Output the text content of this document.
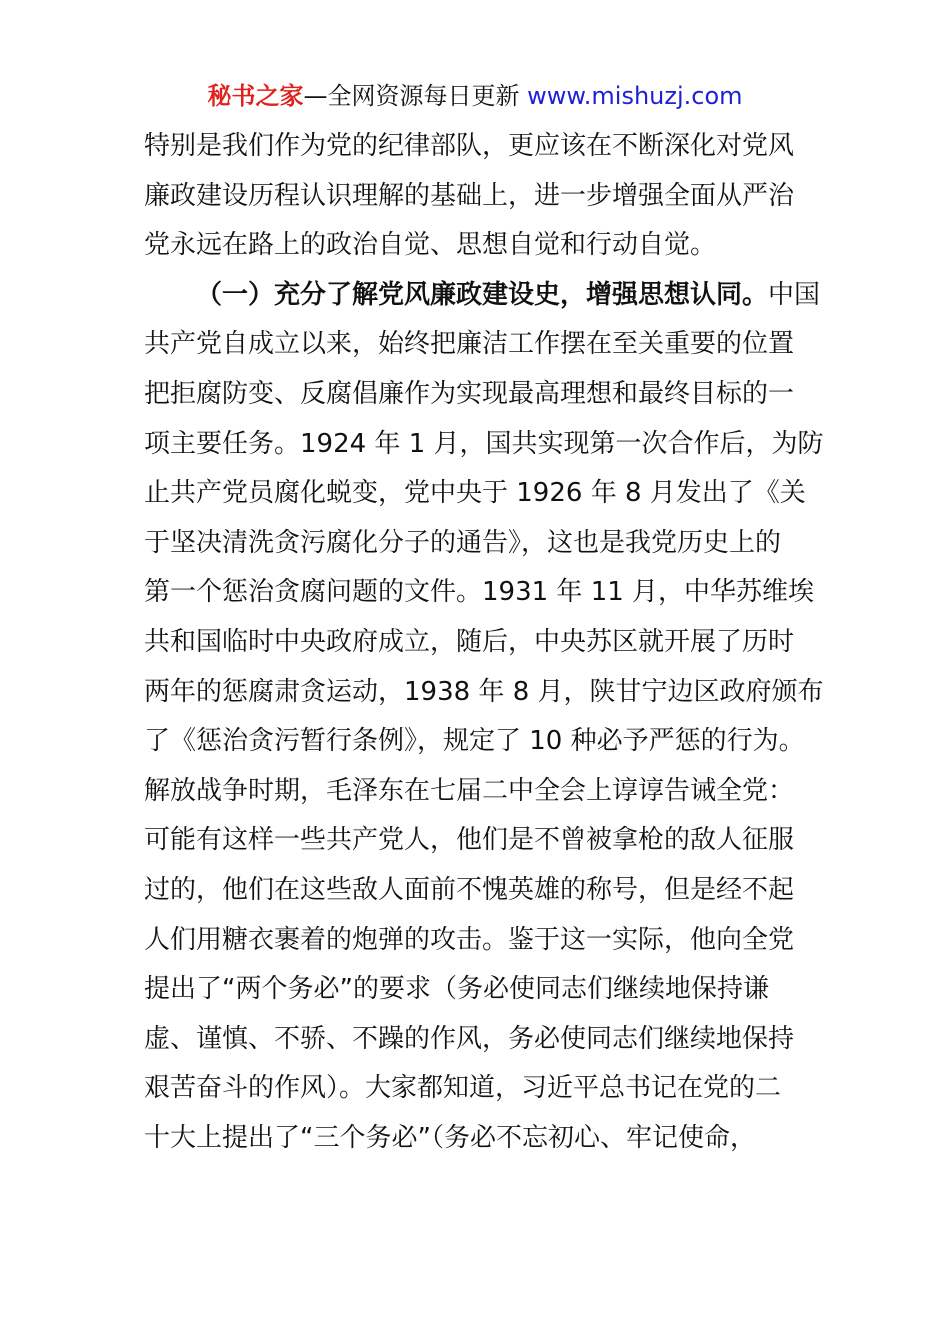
秘书之家—全网资源每日更新 www.mishuzj.com
特别是我们作为党的纪律部队，更应该在不断深化对党风
廉政建设历程认识理解的基础上，进一步增强全面从严治
党永远在路上的政治自觉、思想自觉和行动自觉。
（一）充分了解党风廉政建设史，增强思想认同。中国
共产党自成立以来，始终把廉洁工作摆在至关重要的位置
把拒腐防变、反腐倡廉作为实现最高理想和最终目标的一
项主要任务。1924 年 1 月，国共实现第一次合作后，为防
止共产党员腐化蜕变，党中央于 1926 年 8 月发出了《关
于坚决清洗贪污腐化分子的通告》，这也是我党历史上的
第一个惩治贪腐问题的文件。1931 年 11 月，中华苏维埃
共和国临时中央政府成立，随后，中央苏区就开展了历时
两年的惩腐肃贪运动，1938 年 8 月，陕甘宁边区政府颁布
了《惩治贪污暂行条例》，规定了 10 种必予严惩的行为。
解放战争时期，毛泽东在七届二中全会上谆谆告诫全党：
可能有这样一些共产党人，他们是不曾被拿枪的敌人征服
过的，他们在这些敌人面前不愧英雄的称号，但是经不起
人们用糖衣裹着的炮弹的攻击。鉴于这一实际，他向全党
提出了“两个务必”的要求（务必使同志们继续地保持谦
虚、谨慎、不骄、不躁的作风，务必使同志们继续地保持
艰苦奋斗的作风）。大家都知道，习近平总书记在党的二
十大上提出了“三个务必”（务必不忘初心、牢记使命，
